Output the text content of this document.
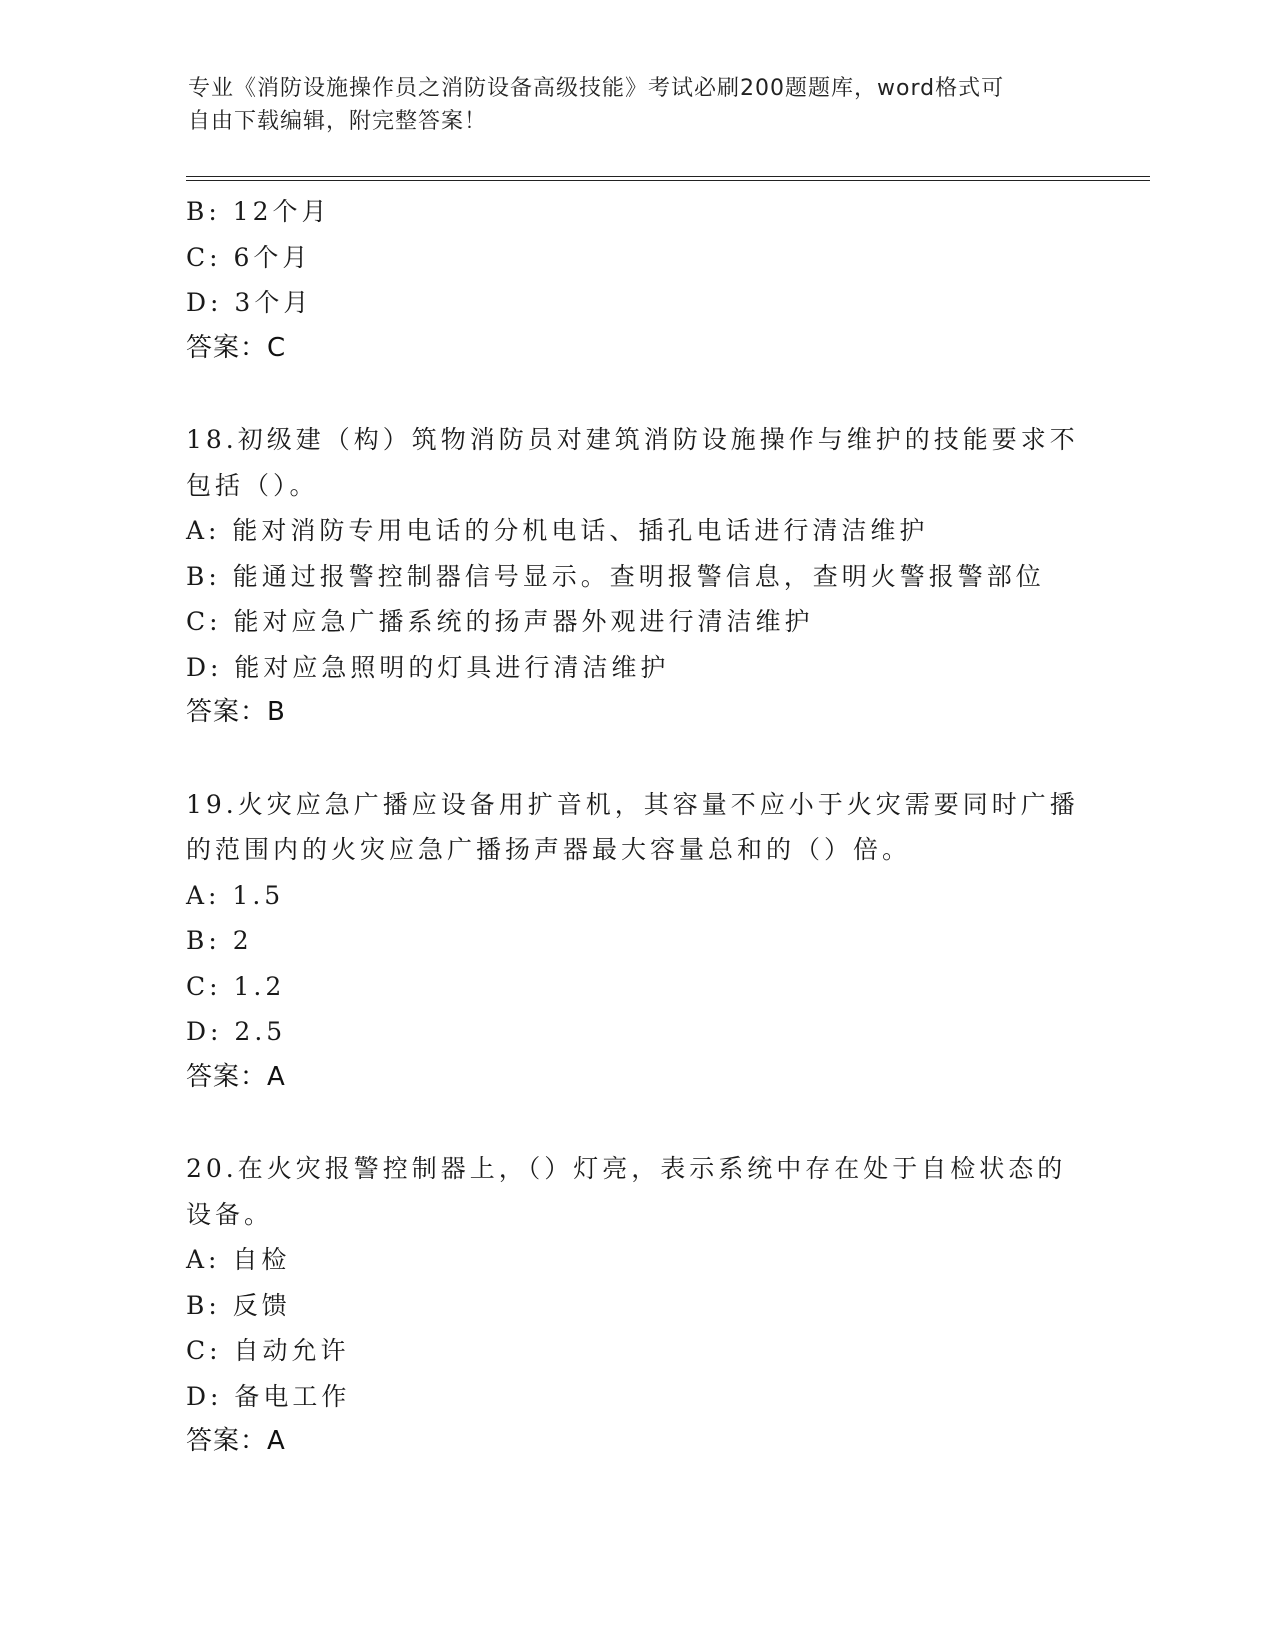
专业《消防设施操作员之消防设备高级技能》考试必刷200题题库，word格式可
自由下载编辑，附完整答案！
B: 12个月
C: 6个月
D: 3个月
答案：C
18.初级建（构）筑物消防员对建筑消防设施操作与维护的技能要求不
包括（）。
A: 能对消防专用电话的分机电话、插孔电话进行清洁维护
B: 能通过报警控制器信号显示。查明报警信息，查明火警报警部位
C: 能对应急广播系统的扬声器外观进行清洁维护
D: 能对应急照明的灯具进行清洁维护
答案：B
19.火灾应急广播应设备用扩音机，其容量不应小于火灾需要同时广播
的范围内的火灾应急广播扬声器最大容量总和的（）倍。
A: 1.5
B: 2
C: 1.2
D: 2.5
答案：A
20.在火灾报警控制器上，（）灯亮，表示系统中存在处于自检状态的
设备。
A: 自检
B: 反馈
C: 自动允许
D: 备电工作
答案：A
